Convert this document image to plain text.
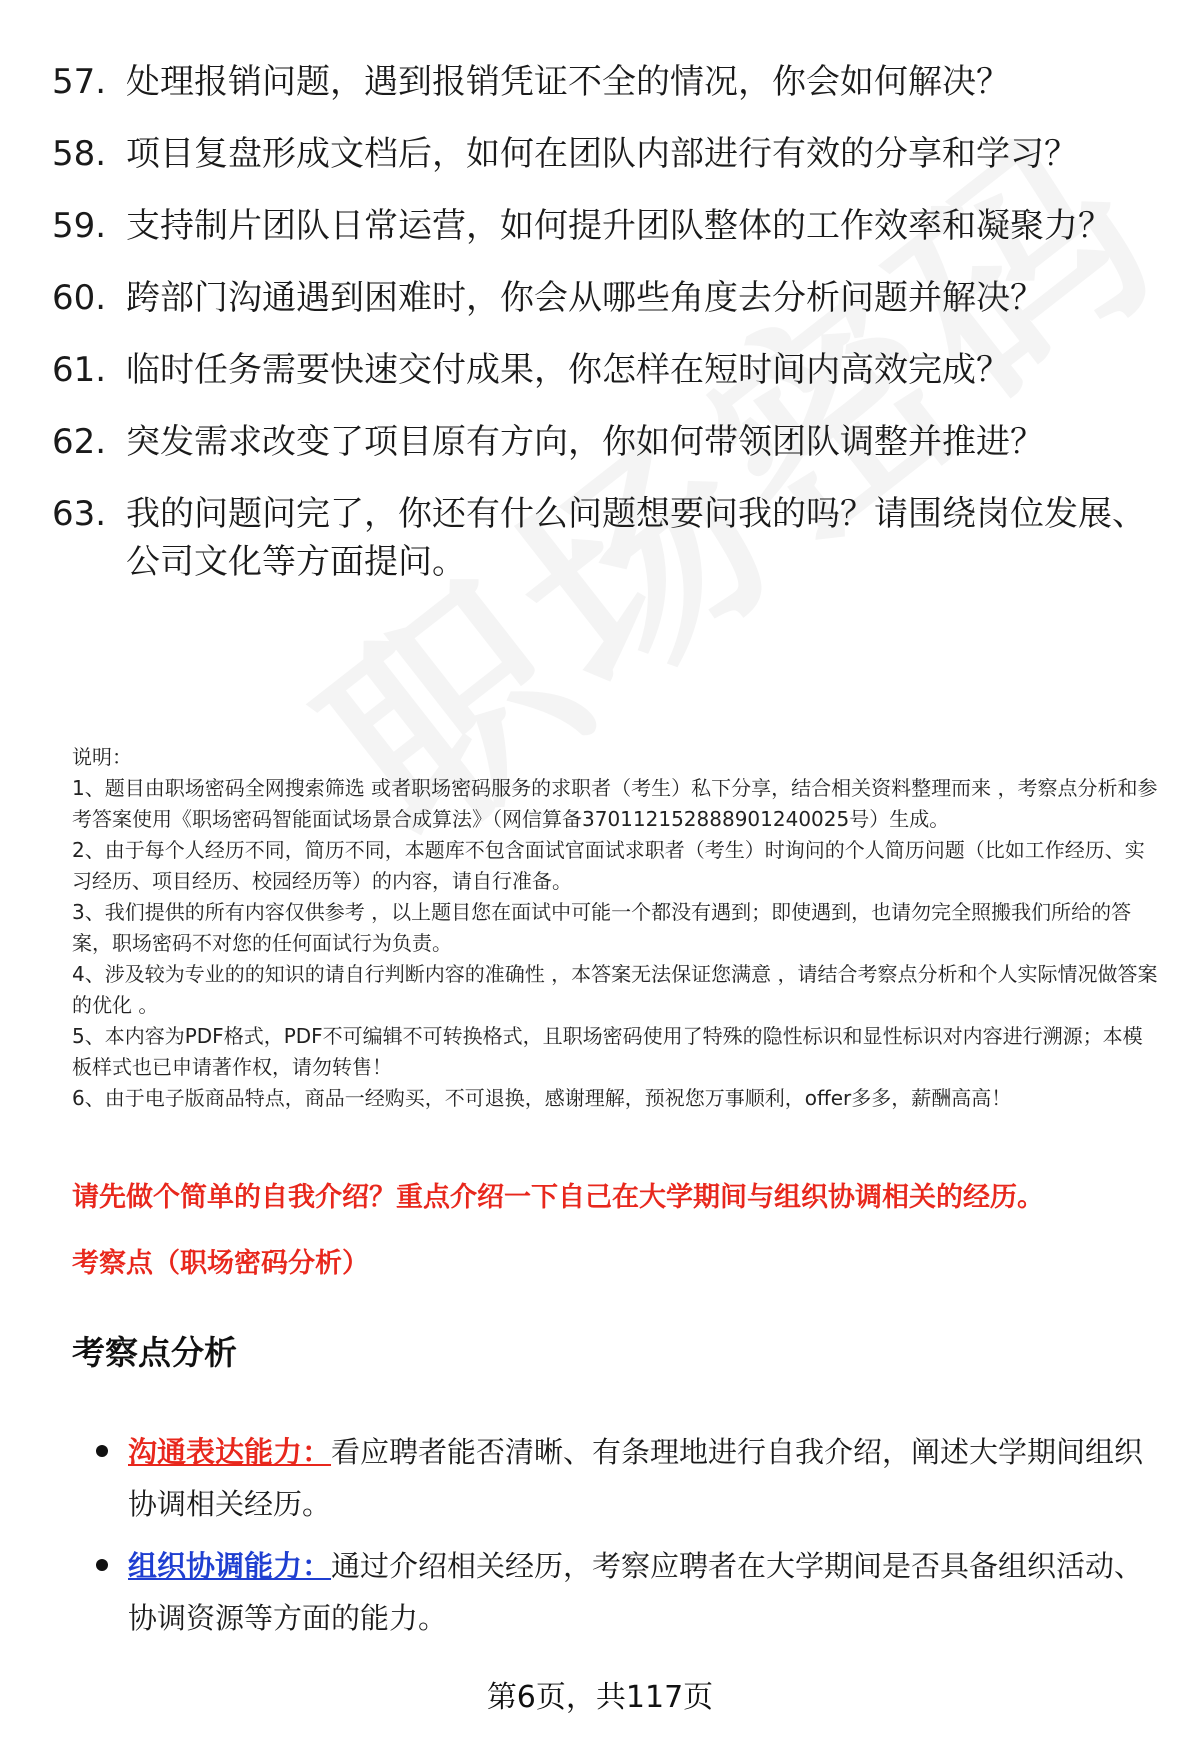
57. 处理报销问题，遇到报销凭证不全的情况，你会如何解决？
58. 项目复盘形成文档后，如何在团队内部进行有效的分享和学习？
59. 支持制片团队日常运营，如何提升团队整体的工作效率和凝聚力？
60. 跨部门沟通遇到困难时，你会从哪些角度去分析问题并解决？
61. 临时任务需要快速交付成果，你怎样在短时间内高效完成？
62. 突发需求改变了项目原有方向，你如何带领团队调整并推进？
63. 我的问题问完了，你还有什么问题想要问我的吗？请围绕岗位发展、公司文化等方面提问。

说明：

1、题目由职场密码全网搜索筛选 或者职场密码服务的求职者（考生）私下分享，结合相关资料整理而来 ，考察点分析和参考答案使用《职场密码智能面试场景合成算法》（网信算备370112152888901240025号）生成。

2、由于每个人经历不同，简历不同，本题库不包含面试官面试求职者（考生）时询问的个人简历问题（比如工作经历、实习经历、项目经历、校园经历等）的内容，请自行准备。

3、我们提供的所有内容仅供参考 ，以上题目您在面试中可能一个都没有遇到；即使遇到，也请勿完全照搬我们所给的答案，职场密码不对您的任何面试行为负责。

4、涉及较为专业的的知识的请自行判断内容的准确性 ，本答案无法保证您满意 ，请结合考察点分析和个人实际情况做答案的优化 。

5、本内容为PDF格式，PDF不可编辑不可转换格式，且职场密码使用了特殊的隐性标识和显性标识对内容进行溯源；本模板样式也已申请著作权，请勿转售！

6、由于电子版商品特点，商品一经购买，不可退换，感谢理解，预祝您万事顺利，offer多多，薪酬高高！

请先做个简单的自我介绍？重点介绍一下自己在大学期间与组织协调相关的经历。
考察点（职场密码分析）
考察点分析
沟通表达能力：看应聘者能否清晰、有条理地进行自我介绍，阐述大学期间组织协调相关经历。
组织协调能力：通过介绍相关经历，考察应聘者在大学期间是否具备组织活动、协调资源等方面的能力。
第6页，共117页
